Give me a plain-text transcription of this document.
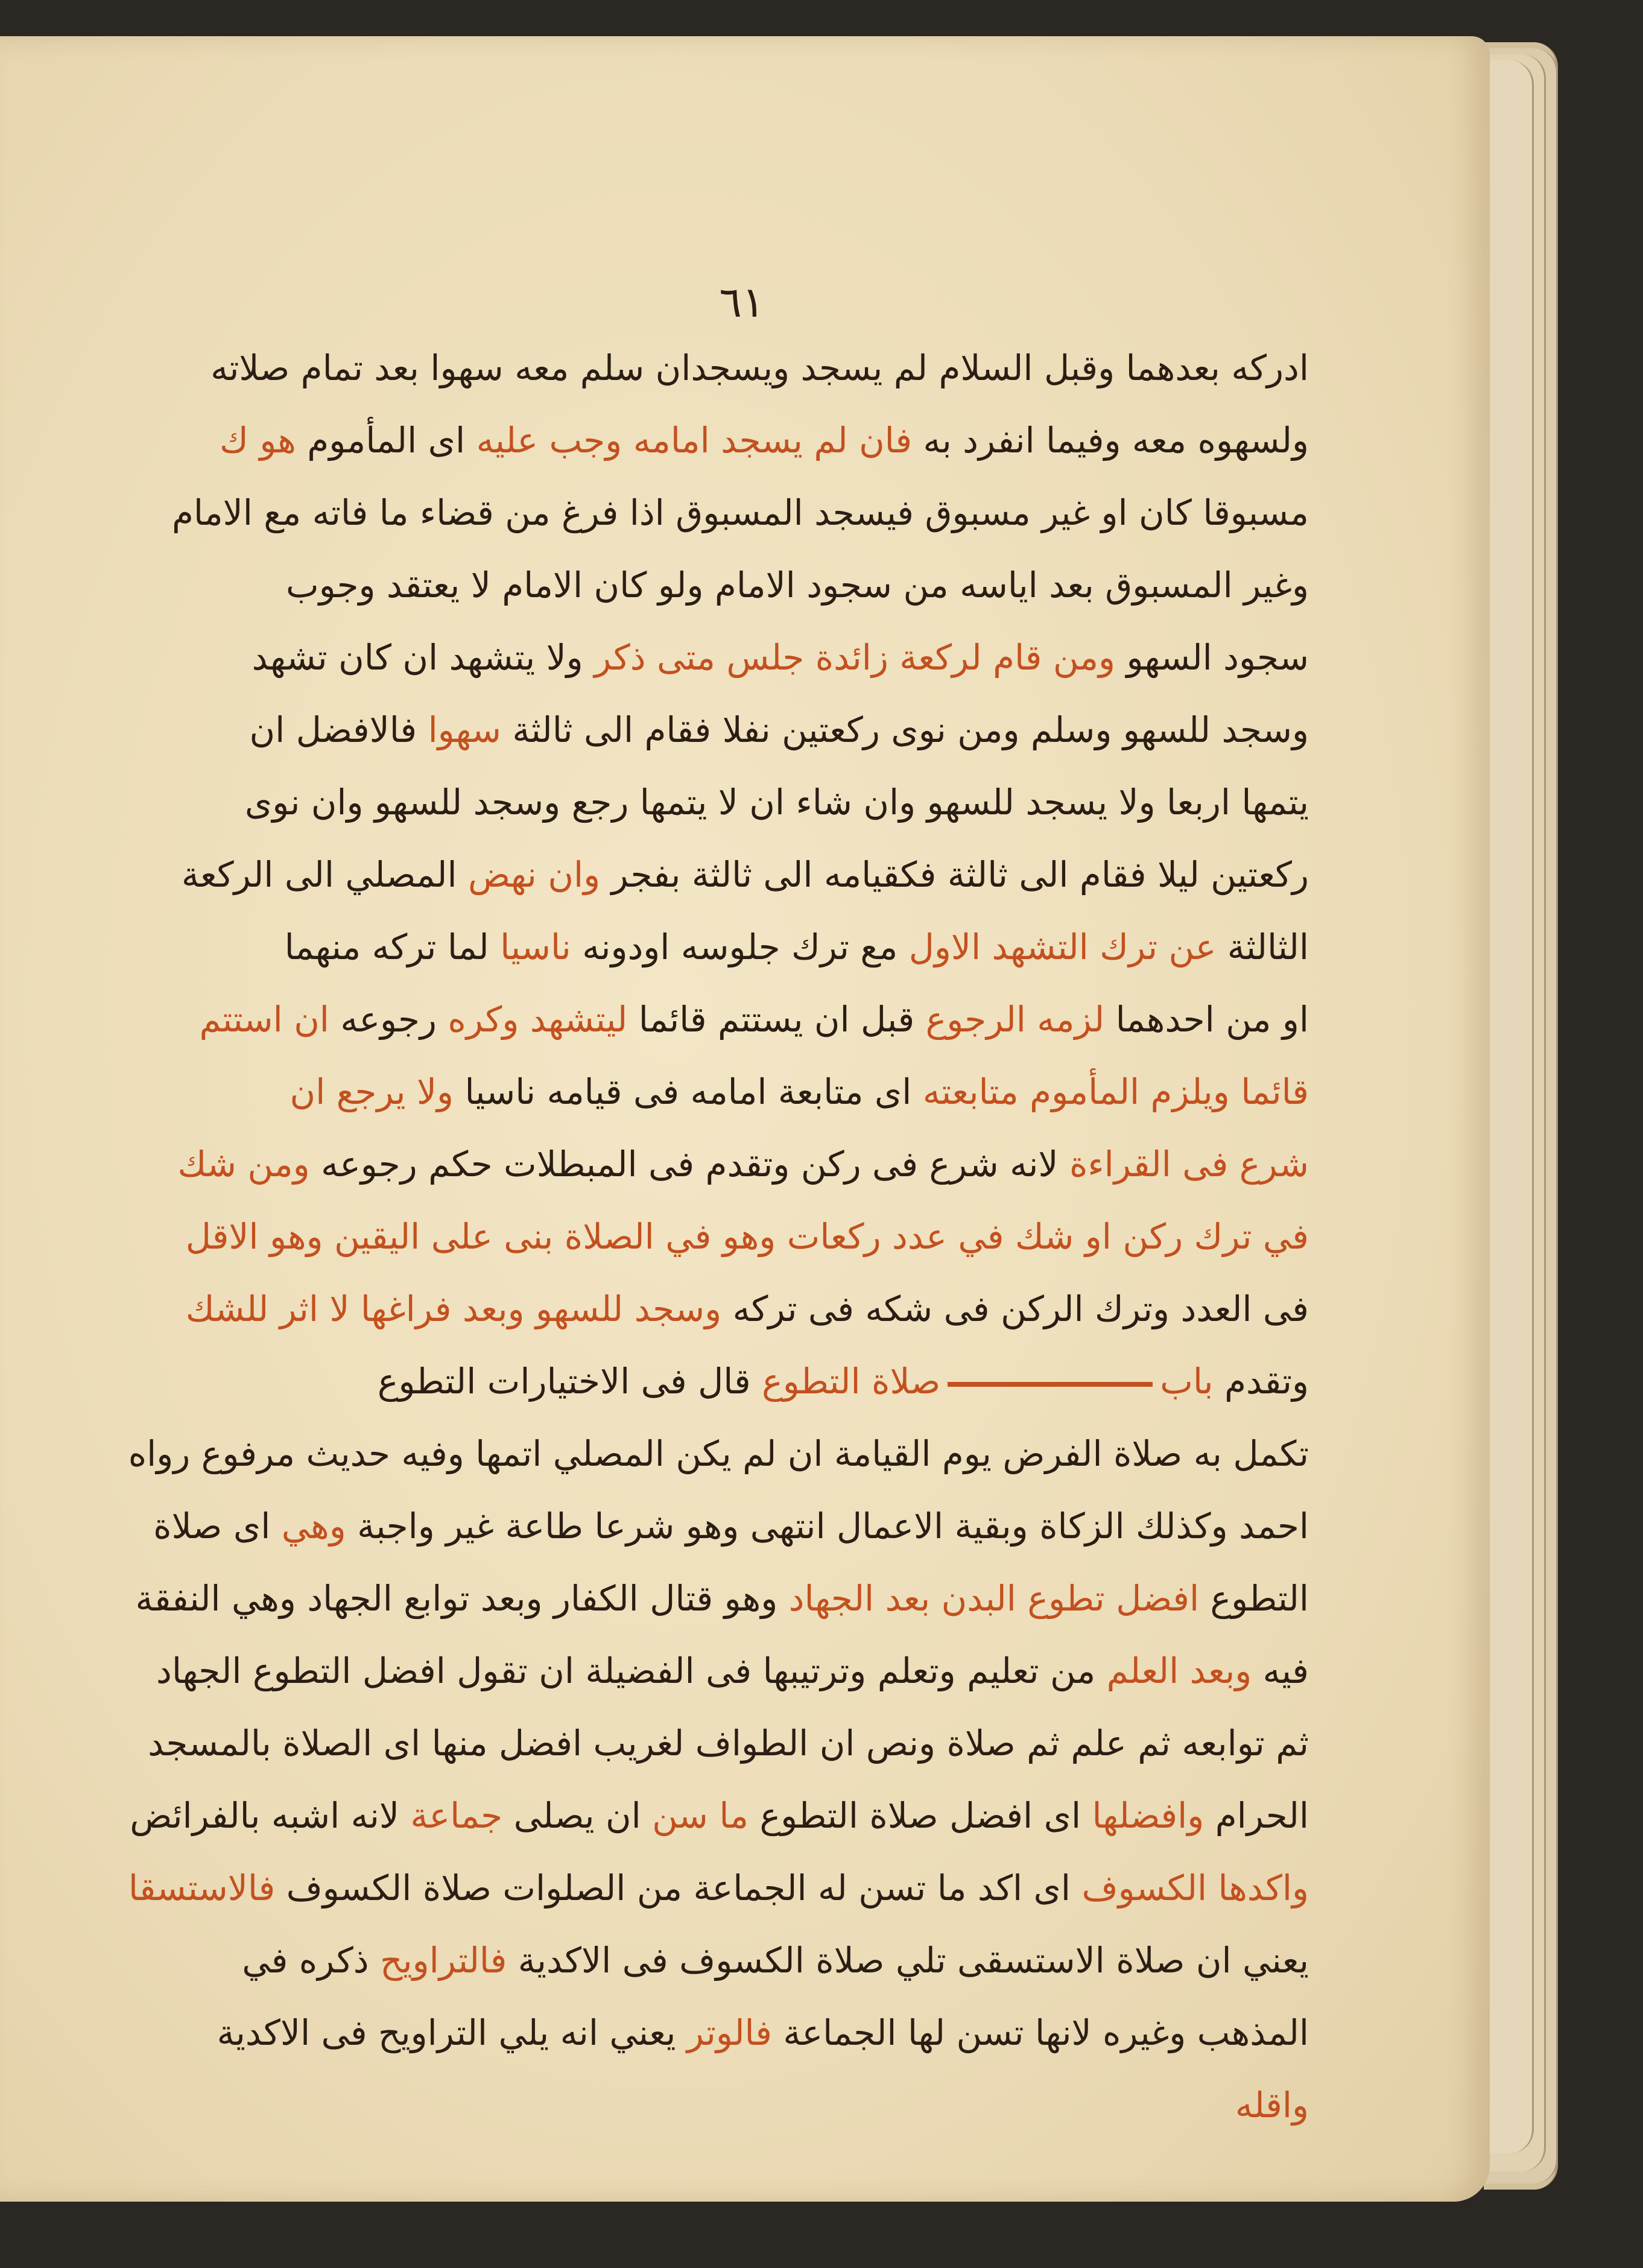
٦١
ادرکه بعدهما وقبل السلام لم یسجد ویسجدان سلم معه سهوا بعد تمام صلاته
ولسهوه معه وفيما انفرد به فان لم یسجد امامه وجب عليه ای المأموم هو ك
مسبوقا كان او غير مسبوق فیسجد المسبوق اذا فرغ من قضاء ما فاته مع الامام
وغير المسبوق بعد اياسه من سجود الامام ولو كان الامام لا يعتقد وجوب
سجود السهو ومن قام لركعة زائدة جلس متى ذكر ولا يتشهد ان كان تشهد
وسجد للسهو وسلم ومن نوى ركعتين نفلا فقام الى ثالثة سهوا فالافضل ان
يتمها اربعا ولا يسجد للسهو وان شاء ان لا يتمها رجع وسجد للسهو وان نوى
ركعتين ليلا فقام الى ثالثة فكقيامه الى ثالثة بفجر وان نهض المصلي الى الركعة
الثالثة عن ترك التشهد الاول مع ترك جلوسه اودونه ناسيا لما تركه منهما
او من احدهما لزمه الرجوع قبل ان يستتم قائما ليتشهد وكره رجوعه ان استتم
قائما ويلزم المأموم متابعته اى متابعة امامه فى قيامه ناسيا ولا يرجع ان
شرع فى القراءة لانه شرع فى ركن وتقدم فى المبطلات حكم رجوعه ومن شك
في ترك ركن او شك في عدد ركعات وهو في الصلاة بنى على اليقين وهو الاقل
فى العدد وترك الركن فى شكه فى تركه وسجد للسهو وبعد فراغها لا اثر للشك
وتقدم بابصلاة التطوع قال فى الاختيارات التطوع
تكمل به صلاة الفرض يوم القيامة ان لم يكن المصلي اتمها وفيه حديث مرفوع رواه
احمد وكذلك الزكاة وبقية الاعمال انتهى وهو شرعا طاعة غير واجبة وهي اى صلاة
التطوع افضل تطوع البدن بعد الجهاد وهو قتال الكفار وبعد توابع الجهاد وهي النفقة
فيه وبعد العلم من تعليم وتعلم وترتيبها فى الفضيلة ان تقول افضل التطوع الجهاد
ثم توابعه ثم علم ثم صلاة ونص ان الطواف لغريب افضل منها اى الصلاة بالمسجد
الحرام وافضلها اى افضل صلاة التطوع ما سن ان يصلى جماعة لانه اشبه بالفرائض
واكدها الكسوف اى اكد ما تسن له الجماعة من الصلوات صلاة الكسوف فالاستسقا
يعني ان صلاة الاستسقى تلي صلاة الكسوف فى الاكدية فالتراويح ذكره في
المذهب وغيره لانها تسن لها الجماعة فالوتر يعني انه يلي التراويح فى الاكدية
واقله
